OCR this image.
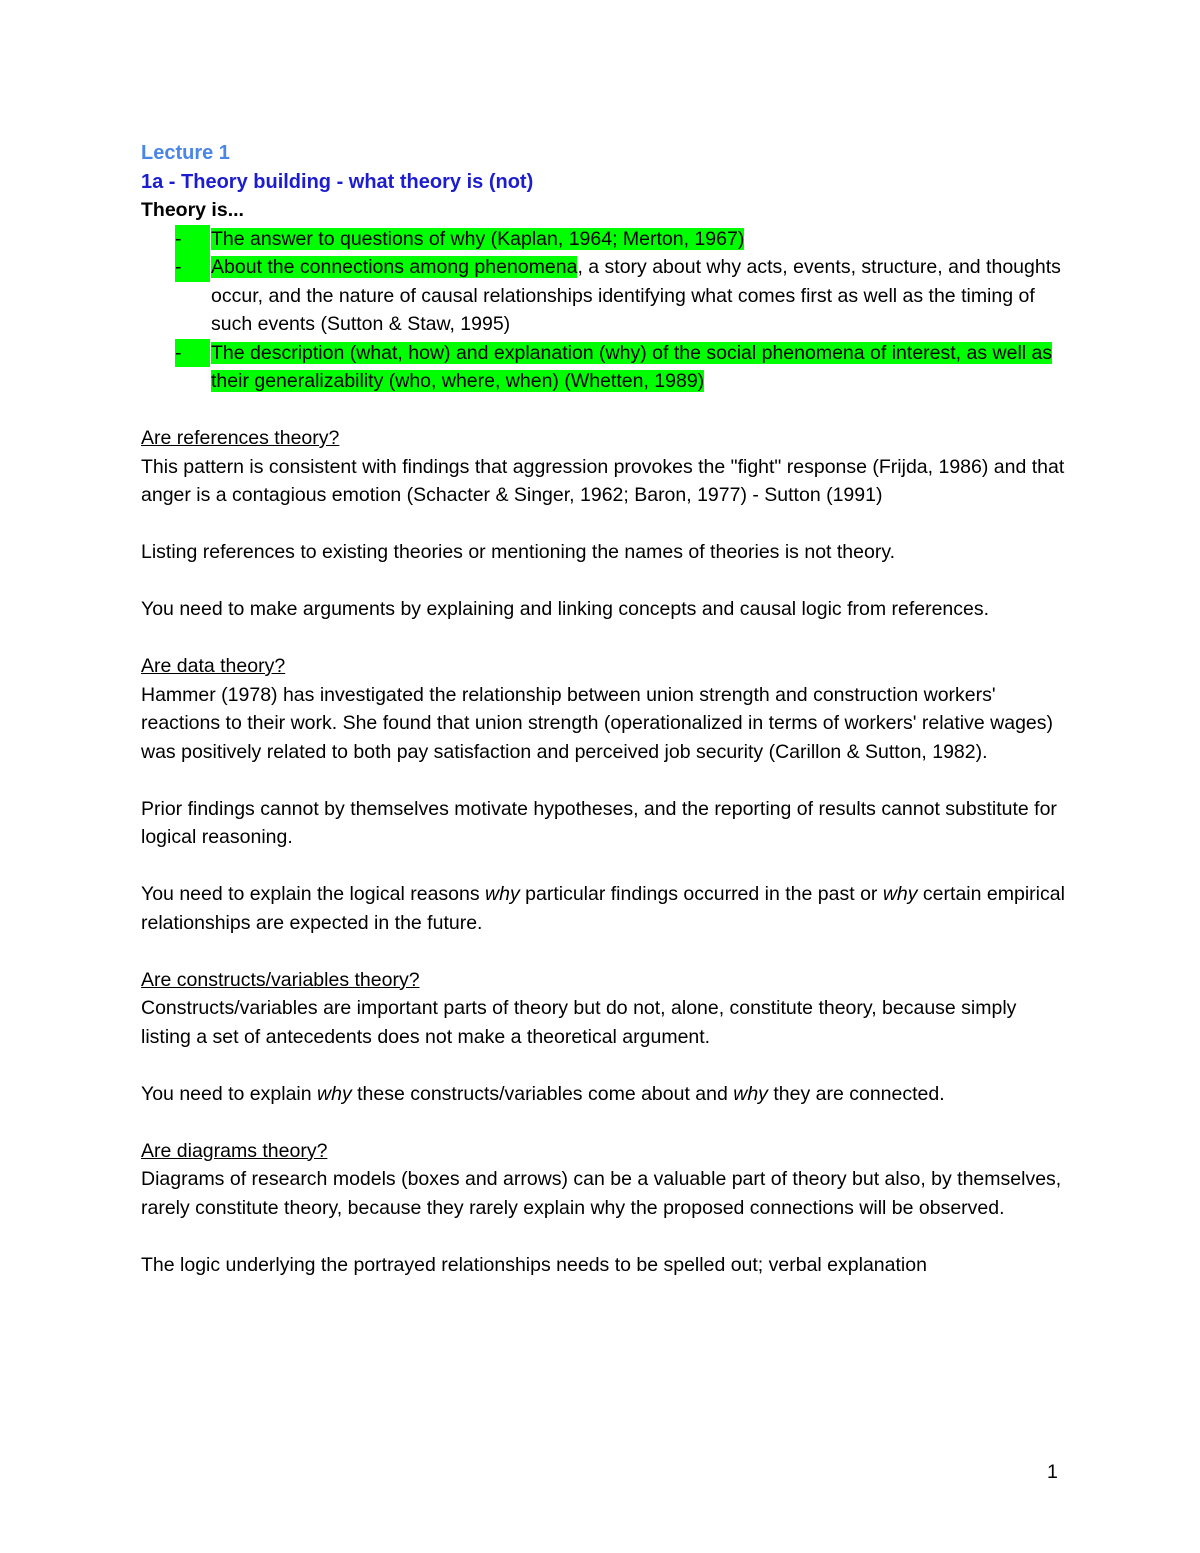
Lecture 1
1a - Theory building - what theory is (not)
Theory is...
-	The answer to questions of why (Kaplan, 1964; Merton, 1967)
-	About the connections among phenomena, a story about why acts, events, structure, and thoughts occur, and the nature of causal relationships identifying what comes first as well as the timing of such events (Sutton & Staw, 1995)
-	The description (what, how) and explanation (why) of the social phenomena of interest, as well as their generalizability (who, where, when) (Whetten, 1989)

Are references theory?

This pattern is consistent with findings that aggression provokes the "fight" response (Frijda, 1986) and that anger is a contagious emotion (Schacter & Singer, 1962; Baron, 1977) - Sutton (1991)

Listing references to existing theories or mentioning the names of theories is not theory.

You need to make arguments by explaining and linking concepts and causal logic from references.

Are data theory?

Hammer (1978) has investigated the relationship between union strength and construction workers' reactions to their work. She found that union strength (operationalized in terms of workers' relative wages) was positively related to both pay satisfaction and perceived job security (Carillon & Sutton, 1982).

Prior findings cannot by themselves motivate hypotheses, and the reporting of results cannot substitute for logical reasoning.

You need to explain the logical reasons why particular findings occurred in the past or why certain empirical relationships are expected in the future.

Are constructs/variables theory?

Constructs/variables are important parts of theory but do not, alone, constitute theory, because simply listing a set of antecedents does not make a theoretical argument.

You need to explain why these constructs/variables come about and why they are connected.

Are diagrams theory?

Diagrams of research models (boxes and arrows) can be a valuable part of theory but also, by themselves, rarely constitute theory, because they rarely explain why the proposed connections will be observed.

The logic underlying the portrayed relationships needs to be spelled out; verbal explanation

1
